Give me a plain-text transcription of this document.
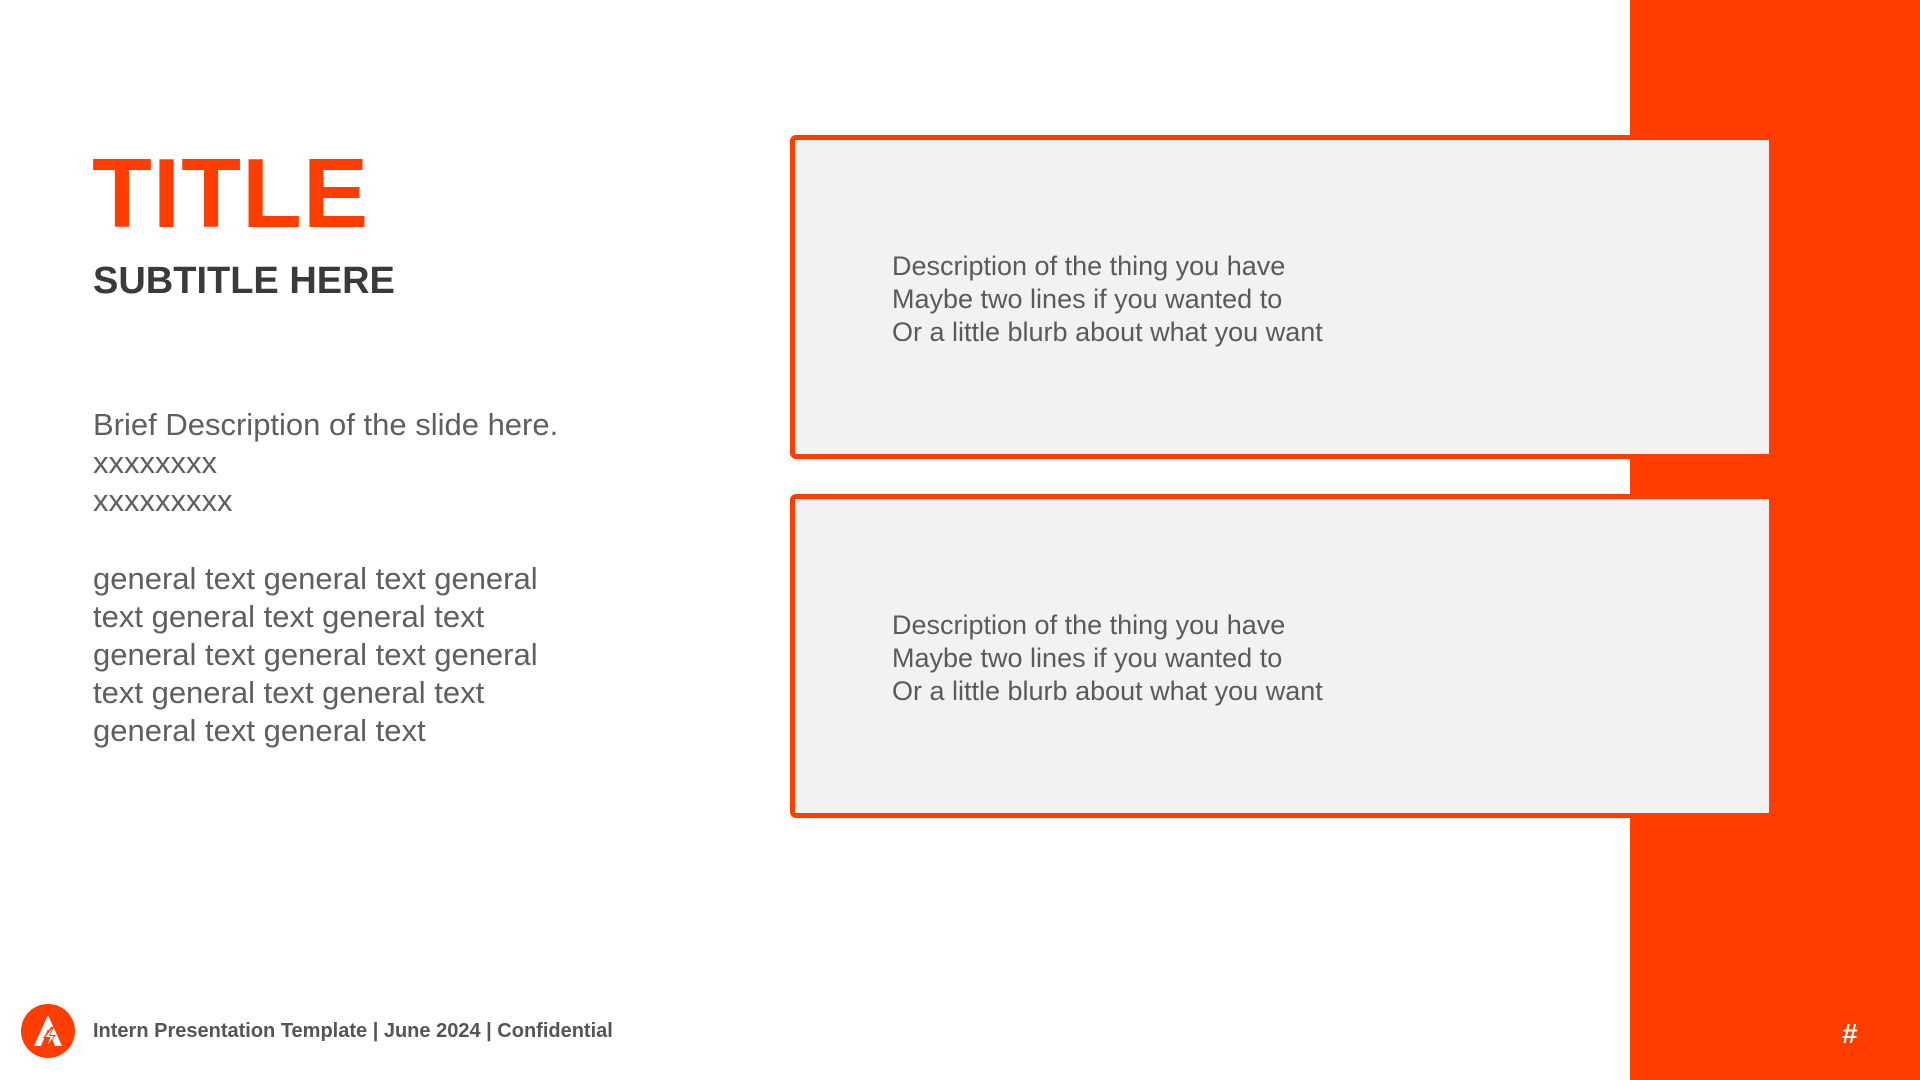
TITLE
SUBTITLE HERE
Brief Description of the slide here.
xxxxxxxx
xxxxxxxxx
general text general text general text general text general text general text general text general text general text general text general text general text
Description of the thing you have
Maybe two lines if you wanted to
Or a little blurb about what you want
Description of the thing you have
Maybe two lines if you wanted to
Or a little blurb about what you want
Intern Presentation Template | June 2024 | Confidential	#
